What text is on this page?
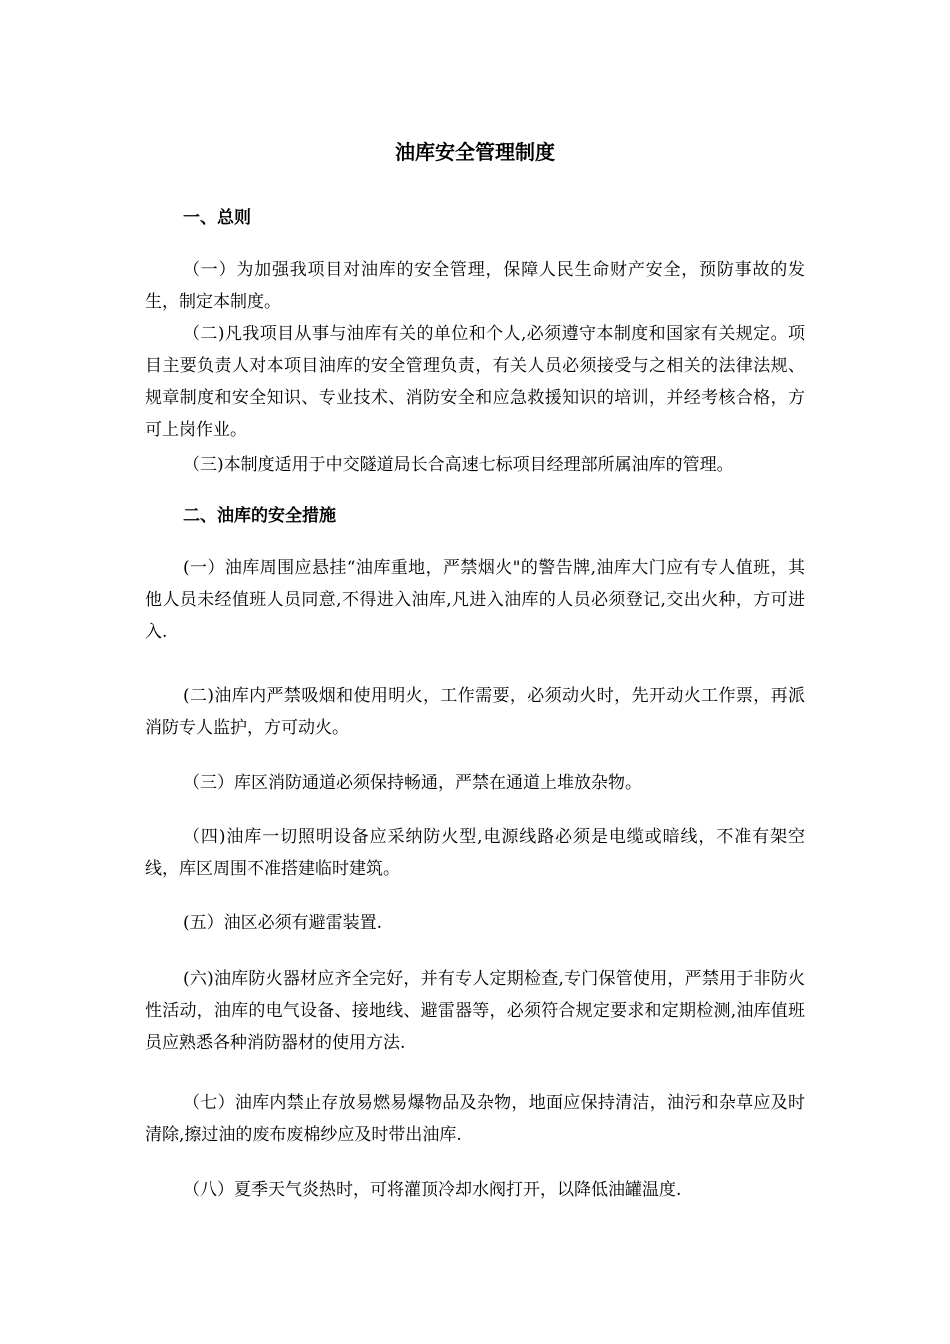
油库安全管理制度
一、总则

（一）为加强我项目对油库的安全管理，保障人民生命财产安全，预防事故的发生，制定本制度。

（二)凡我项目从事与油库有关的单位和个人,必须遵守本制度和国家有关规定。项目主要负责人对本项目油库的安全管理负责，有关人员必须接受与之相关的法律法规、规章制度和安全知识、专业技术、消防安全和应急救援知识的培训，并经考核合格，方可上岗作业。

（三)本制度适用于中交隧道局长合高速七标项目经理部所属油库的管理。

二、油库的安全措施

(一）油库周围应悬挂“油库重地，严禁烟火"的警告牌,油库大门应有专人值班，其他人员未经值班人员同意,不得进入油库,凡进入油库的人员必须登记,交出火种，方可进入.

(二)油库内严禁吸烟和使用明火，工作需要，必须动火时，先开动火工作票，再派消防专人监护，方可动火。

（三）库区消防通道必须保持畅通，严禁在通道上堆放杂物。

（四)油库一切照明设备应采纳防火型,电源线路必须是电缆或暗线，不准有架空线，库区周围不准搭建临时建筑。

(五）油区必须有避雷装置.

(六)油库防火器材应齐全完好，并有专人定期检查,专门保管使用，严禁用于非防火性活动，油库的电气设备、接地线、避雷器等，必须符合规定要求和定期检测,油库值班员应熟悉各种消防器材的使用方法.

（七）油库内禁止存放易燃易爆物品及杂物，地面应保持清洁，油污和杂草应及时清除,擦过油的废布废棉纱应及时带出油库.

（八）夏季天气炎热时，可将灌顶冷却水阀打开，以降低油罐温度.
